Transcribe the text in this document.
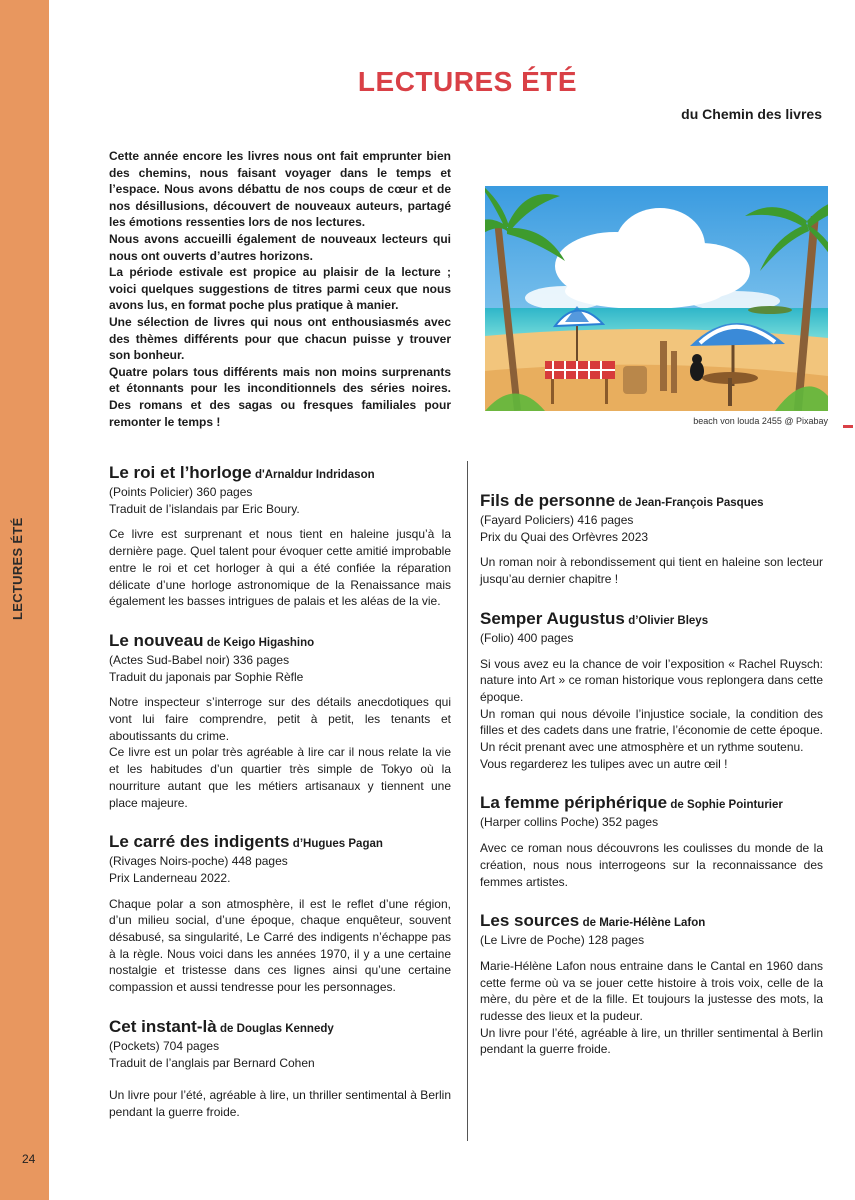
LECTURES ÉTÉ
24
LECTURES ÉTÉ
du Chemin des livres

Cette année encore les livres nous ont fait emprunter bien des chemins, nous faisant voyager dans le temps et l’espace. Nous avons débattu de nos coups de cœur et de nos désillusions, découvert de nouveaux auteurs, partagé les émotions ressenties lors de nos lectures.

Nous avons accueilli également de nouveaux lecteurs qui nous ont ouverts d’autres horizons.

La période estivale est propice au plaisir de la lecture ; voici quelques suggestions de titres parmi ceux que nous avons lus, en format poche plus pratique à manier.

Une sélection de livres qui nous ont enthousiasmés avec des thèmes différents pour que chacun puisse y trouver son bonheur.

Quatre polars tous différents mais non moins surprenants et étonnants pour les inconditionnels des séries noires. Des romans et des sagas ou fresques familiales pour remonter le temps !	beach von louda 2455 @ Pixabay
Le roi et l’horloge d'Arnaldur Indridason
(Points Policier) 360 pages
Traduit de l’islandais par Eric Boury.

Ce livre est surprenant et nous tient en haleine jusqu’à la dernière page. Quel talent pour évoquer cette amitié improbable entre le roi et cet horloger à qui a été confiée la réparation délicate d’une horloge astronomique de la Renaissance mais également les basses intrigues de palais et les aléas de la vie.

Le nouveau de Keigo Higashino
(Actes Sud-Babel noir) 336 pages
Traduit du japonais par Sophie Rèfle

Notre inspecteur s’interroge sur des détails anecdotiques qui vont lui faire comprendre, petit à petit, les tenants et aboutissants du crime.

Ce livre est un polar très agréable à lire car il nous relate la vie et les habitudes d’un quartier très simple de Tokyo où la nourriture autant que les métiers artisanaux y tiennent une place majeure.

Le carré des indigents d’Hugues Pagan
(Rivages Noirs-poche) 448 pages
Prix Landerneau 2022.

Chaque polar a son atmosphère, il est le reflet d’une région, d’un milieu social, d’une époque, chaque enquêteur, souvent désabusé, sa singularité, Le Carré des indigents n’échappe pas à la règle. Nous voici dans les années 1970, il y a une certaine nostalgie et tristesse dans ces lignes ainsi qu’une certaine compassion et aussi tendresse pour les personnages.

Cet instant-là de Douglas Kennedy
(Pockets) 704 pages
Traduit de l’anglais par Bernard Cohen

Un livre pour l’été, agréable à lire, un thriller sentimental à Berlin pendant la guerre froide.

Fils de personne de Jean-François Pasques
(Fayard Policiers) 416 pages
Prix du Quai des Orfèvres 2023

Un roman noir à rebondissement qui tient en haleine son lecteur jusqu’au dernier chapitre !

Semper Augustus d’Olivier Bleys
(Folio) 400 pages

Si vous avez eu la chance de voir l’exposition « Rachel Ruysch: nature into Art » ce roman historique vous replongera dans cette époque.

Un roman qui nous dévoile l’injustice sociale, la condition des filles et des cadets dans une fratrie, l’économie de cette époque. Un récit prenant avec une atmosphère et un rythme soutenu.

Vous regarderez les tulipes avec un autre œil !

La femme périphérique de Sophie Pointurier
(Harper collins Poche) 352 pages

Avec ce roman nous découvrons les coulisses du monde de la création, nous nous interrogeons sur la reconnaissance des femmes artistes.

Les sources de Marie-Hélène Lafon
(Le Livre de Poche) 128 pages

Marie-Hélène Lafon nous entraine dans le Cantal en 1960 dans cette ferme où va se jouer cette histoire à trois voix, celle de la mère, du père et de la fille. Et toujours la justesse des mots, la rudesse des lieux et la pudeur.

Un livre pour l’été, agréable à lire, un thriller sentimental à Berlin pendant la guerre froide.
